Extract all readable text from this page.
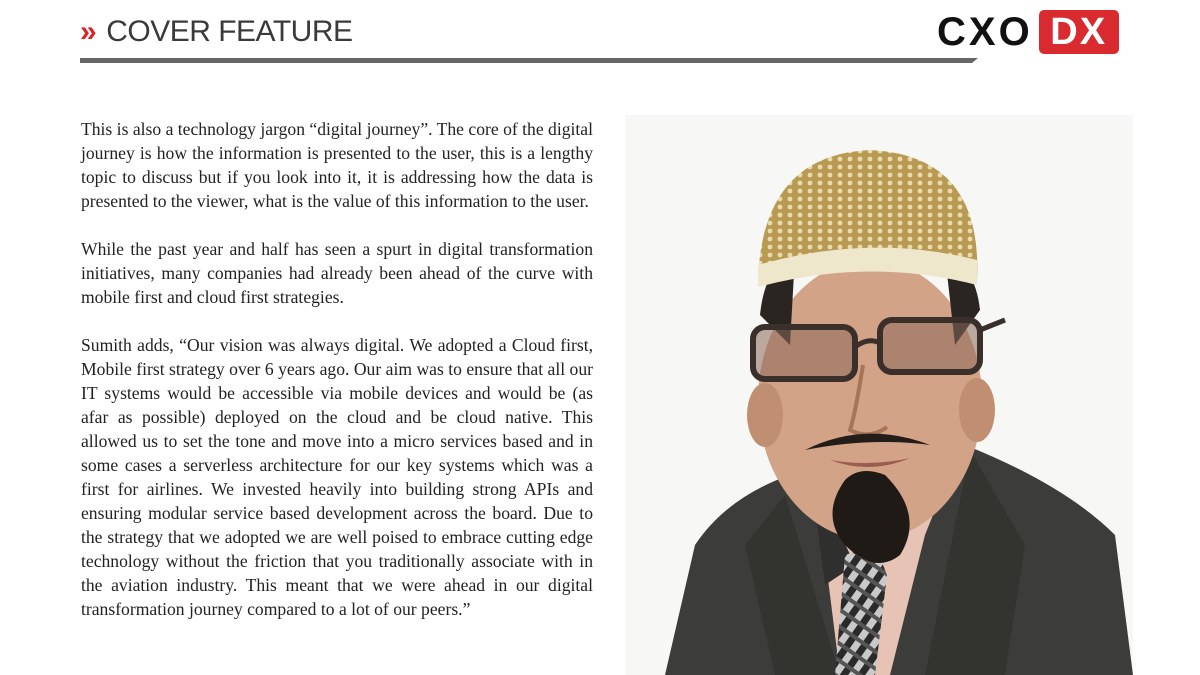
» COVER FEATURE	CXO DX

This is also a technology jargon “digital journey”. The core of the digital journey is how the information is presented to the user, this is a lengthy topic to discuss but if you look into it, it is addressing how the data is presented to the viewer, what is the value of this information to the user.

While the past year and half has seen a spurt in digital transformation initiatives, many companies had already been ahead of the curve with mobile first and cloud first strategies.

Sumith adds, “Our vision was always digital. We adopted a Cloud first, Mobile first strategy over 6 years ago. Our aim was to ensure that all our IT systems would be accessible via mobile devices and would be (as afar as possible) deployed on the cloud and be cloud native. This allowed us to set the tone and move into a micro services based and in some cases a serverless architecture for our key systems which was a first for airlines. We invested heavily into building strong APIs and ensuring modular service based development across the board. Due to the strategy that we adopted we are well poised to embrace cutting edge technology without the friction that you traditionally associate with in the aviation industry. This meant that we were ahead in our digital transformation journey compared to a lot of our peers.”
